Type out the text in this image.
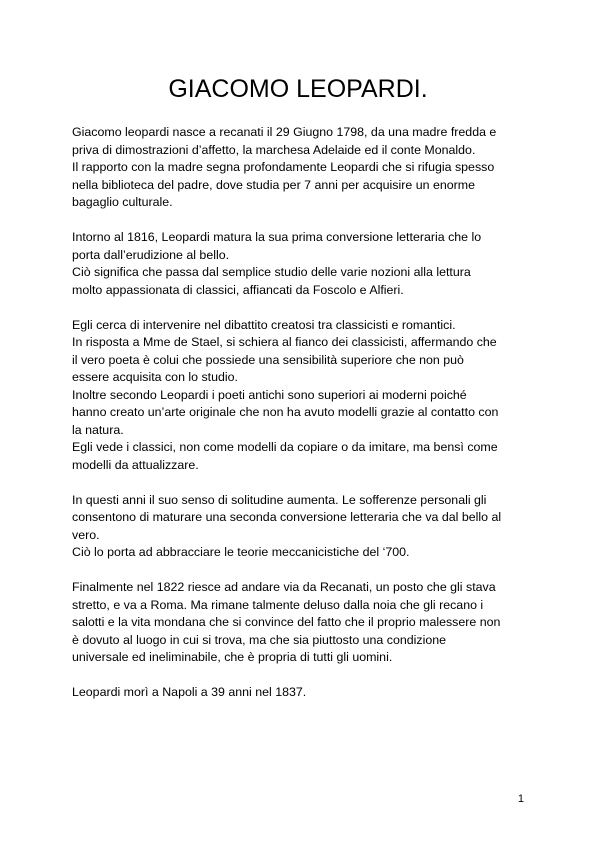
GIACOMO LEOPARDI.
Giacomo leopardi nasce a recanati il 29 Giugno 1798, da una madre fredda e
priva di dimostrazioni d’affetto, la marchesa Adelaide ed il conte Monaldo.
Il rapporto con la madre segna profondamente Leopardi che si rifugia spesso
nella biblioteca del padre, dove studia per 7 anni per acquisire un enorme
bagaglio culturale.
Intorno al 1816, Leopardi matura la sua prima conversione letteraria che lo
porta dall’erudizione al bello.
Ciò significa che passa dal semplice studio delle varie nozioni alla lettura
molto appassionata di classici, affiancati da Foscolo e Alfieri.
Egli cerca di intervenire nel dibattito creatosi tra classicisti e romantici.
In risposta a Mme de Stael, si schiera al fianco dei classicisti, affermando che
il vero poeta è colui che possiede una sensibilità superiore che non può
essere acquisita con lo studio.
Inoltre secondo Leopardi i poeti antichi sono superiori ai moderni poiché
hanno creato un’arte originale che non ha avuto modelli grazie al contatto con
la natura.
Egli vede i classici, non come modelli da copiare o da imitare, ma bensì come
modelli da attualizzare.
In questi anni il suo senso di solitudine aumenta. Le sofferenze personali gli
consentono di maturare una seconda conversione letteraria che va dal bello al
vero.
Ciò lo porta ad abbracciare le teorie meccanicistiche del ‘700.
Finalmente nel 1822 riesce ad andare via da Recanati, un posto che gli stava
stretto, e va a Roma. Ma rimane talmente deluso dalla noia che gli recano i
salotti e la vita mondana che si convince del fatto che il proprio malessere non
è dovuto al luogo in cui si trova, ma che sia piuttosto una condizione
universale ed ineliminabile, che è propria di tutti gli uomini.
Leopardi morì a Napoli a 39 anni nel 1837.
1
